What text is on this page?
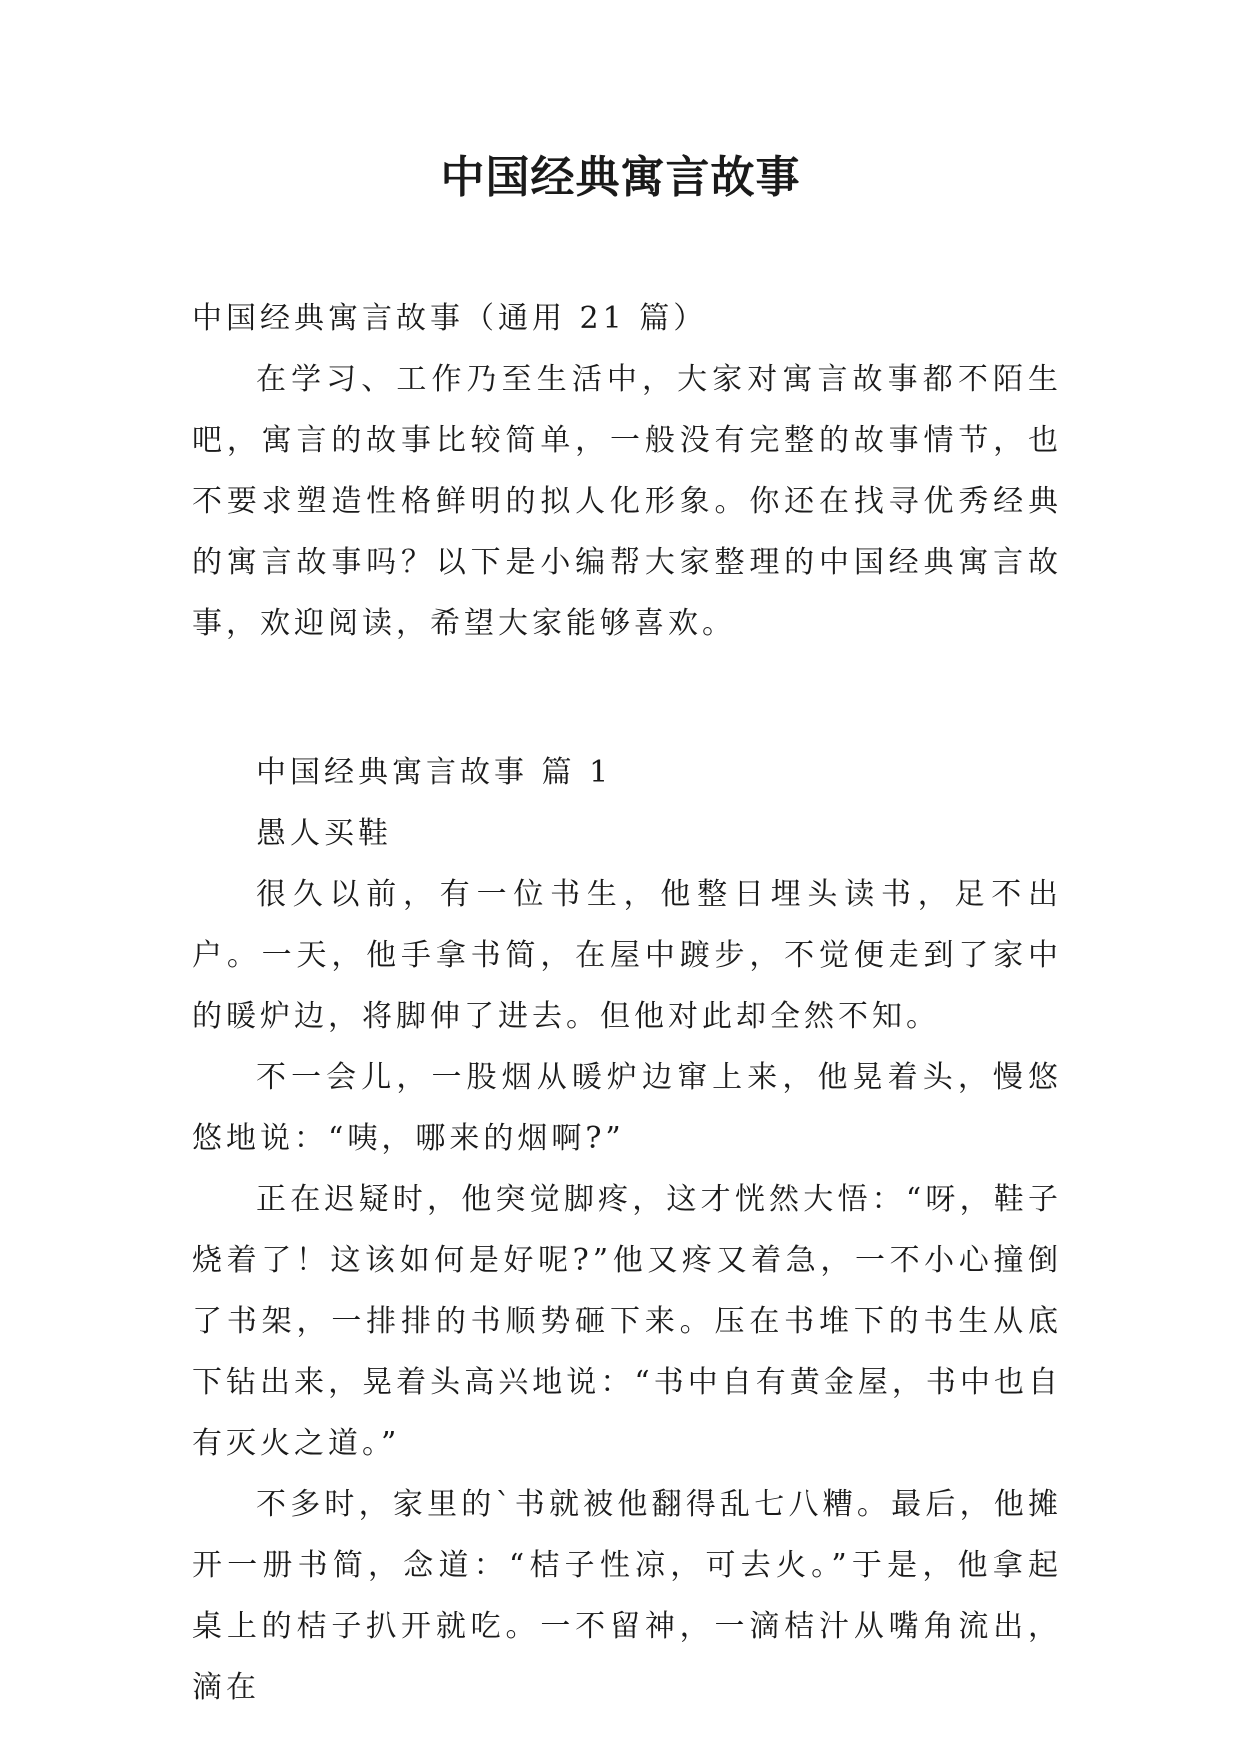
中国经典寓言故事

中国经典寓言故事（通用 21 篇）

在学习、工作乃至生活中，大家对寓言故事都不陌生吧，寓言的故事比较简单，一般没有完整的故事情节，也不要求塑造性格鲜明的拟人化形象。你还在找寻优秀经典的寓言故事吗？以下是小编帮大家整理的中国经典寓言故事，欢迎阅读，希望大家能够喜欢。

中国经典寓言故事 篇 1

愚人买鞋

很久以前，有一位书生，他整日埋头读书，足不出户。一天，他手拿书简，在屋中踱步，不觉便走到了家中的暖炉边，将脚伸了进去。但他对此却全然不知。

不一会儿，一股烟从暖炉边窜上来，他晃着头，慢悠悠地说：“咦，哪来的烟啊?”

正在迟疑时，他突觉脚疼，这才恍然大悟：“呀，鞋子烧着了！这该如何是好呢?”他又疼又着急，一不小心撞倒了书架，一排排的书顺势砸下来。压在书堆下的书生从底下钻出来，晃着头高兴地说：“书中自有黄金屋，书中也自有灭火之道。”

不多时，家里的`书就被他翻得乱七八糟。最后，他摊开一册书简，念道：“桔子性凉，可去火。”于是，他拿起桌上的桔子扒开就吃。一不留神，一滴桔汁从嘴角流出，滴在
